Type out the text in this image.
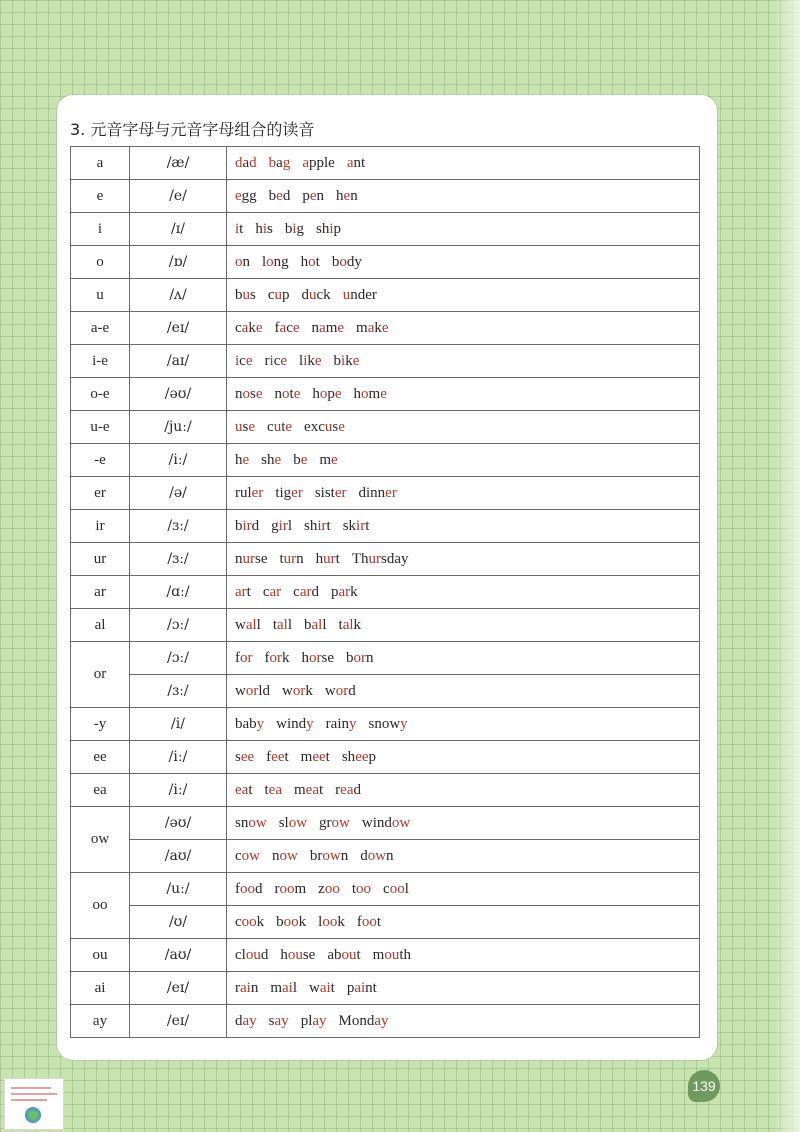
3. 元音字母与元音字母组合的读音
a	/æ/	dad bag apple ant
e	/e/	egg bed pen hen
i	/ɪ/	it his big ship
o	/ɒ/	on long hot body
u	/ʌ/	bus cup duck under
a-e	/eɪ/	cake face name make
i-e	/aɪ/	ice rice like bike
o-e	/əʊ/	nose note hope home
u-e	/juː/	use cute excuse
-e	/iː/	he she be me
er	/ə/	ruler tiger sister dinner
ir	/ɜː/	bird girl shirt skirt
ur	/ɜː/	nurse turn hurt Thursday
ar	/ɑː/	art car card park
al	/ɔː/	wall tall ball talk
or	/ɔː/	for fork horse born
	/ɜː/	world work word
-y	/i/	baby windy rainy snowy
ee	/iː/	see feet meet sheep
ea	/iː/	eat tea meat read
ow	/əʊ/	snow slow grow window
	/aʊ/	cow now brown down
oo	/uː/	food room zoo too cool
	/ʊ/	cook book look foot
ou	/aʊ/	cloud house about mouth
ai	/eɪ/	rain mail wait paint
ay	/eɪ/	day say play Monday
139
